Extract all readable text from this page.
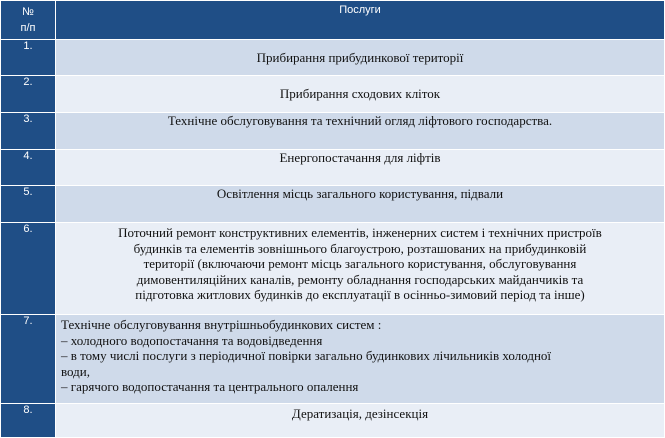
№
п/п	Послуги
1.	Прибирання прибудинкової території

2.	Прибирання сходових кліток

3.	Технічне обслуговування та технічний огляд ліфтового господарства.

4.	Енергопостачання для ліфтів

5.	Освітлення місць загального користування, підвали

6.	Поточний ремонт конструктивних елементів, інженерних систем і технічних пристроїв
будинків та елементів зовнішнього благоустрою, розташованих на прибудинковій
території (включаючи ремонт місць загального користування, обслуговування
димовентиляційних каналів, ремонту обладнання господарських майданчиків та
підготовка житлових будинків до експлуатації в осінньо-зимовий період та інше)

7.	Технічне обслуговування внутрішньобудинкових систем :
– холодного водопостачання та водовідведення
– в тому числі послуги з періодичної повірки загально будинкових лічильників холодної
води,
– гарячого водопостачання та центрального опалення

8.	Дератизація, дезінсекція
